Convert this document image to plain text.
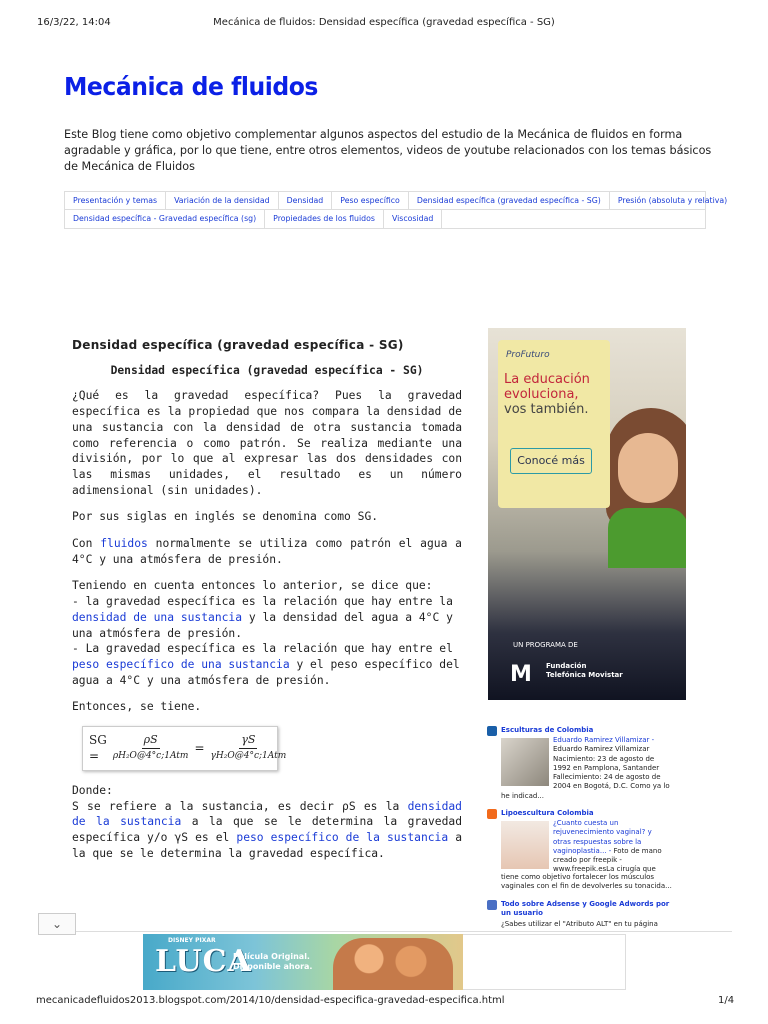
16/3/22, 14:04	Mecánica de fluidos: Densidad específica (gravedad específica - SG)
Mecánica de fluidos
Este Blog tiene como objetivo complementar algunos aspectos del estudio de la Mecánica de fluidos en forma agradable y gráfica, por lo que tiene, entre otros elementos, videos de youtube relacionados con los temas básicos de Mecánica de Fluidos
Presentación y temas	Variación de la densidad	Densidad	Peso específico	Densidad específica (gravedad específica - SG)	Presión (absoluta y relativa)
Densidad específica - Gravedad específica (sg)	Propiedades de los fluidos	Viscosidad
Densidad específica (gravedad específica - SG)
Densidad específica (gravedad específica - SG)

¿Qué es la gravedad específica? Pues la gravedad específica es la propiedad que nos compara la densidad de una sustancia con la densidad de otra sustancia tomada como referencia o como patrón. Se realiza mediante una división, por lo que al expresar las dos densidades con las mismas unidades, el resultado es un número adimensional (sin unidades).

Por sus siglas en inglés se denomina como SG.

Con fluidos normalmente se utiliza como patrón el agua a 4°C y una atmósfera de presión.

Teniendo en cuenta entonces lo anterior, se dice que:
- la gravedad específica es la relación que hay entre la densidad de una sustancia y la densidad del agua a 4°C y una atmósfera de presión.
- La gravedad específica es la relación que hay entre el peso específico de una sustancia y el peso específico del agua a 4°C y una atmósfera de presión.

Entonces, se tiene.

SG =	$\frac{\rho S}{\text{ρH₂O@4°c;1Atm}} = \frac{\gamma S}{\text{γH₂O@4°c;1Atm}}$

Donde:
S se refiere a la sustancia, es decir ρS es la densidad de la sustancia a la que se le determina la gravedad específica y/o γS es el peso específico de la sustancia a la que se le determina la gravedad específica.

ProFuturo
La educación evoluciona,
vos también.
Conocé más
UN PROGRAMA DE
M Fundación Telefónica Movistar
Esculturas de Colombia
Eduardo Ramirez Villamizar -
Eduardo Ramirez Villamizar Nacimiento: 23 de agosto de 1992 en Pamplona, Santander Fallecimiento: 24 de agosto de 2004 en Bogotá, D.C. Como ya lo
he indicad...
Lipoescultura Colombia
¿Cuanto cuesta un rejuvenecimiento vaginal? y otras respuestas sobre la vaginoplastia... - Foto de mano creado por freepik - www.freepik.esLa cirugía que
tiene como objetivo fortalecer los músculos vaginales con el fin de devolverles su tonacida...
Todo sobre Adsense y Google Adwords por un usuario
¿Sabes utilizar el "Atributo ALT" en tu página
⌄
DISNEY PIXAR
LUCA
Película Original. Disponible ahora.
mecanicadefluidos2013.blogspot.com/2014/10/densidad-especifica-gravedad-especifica.html	1/4
